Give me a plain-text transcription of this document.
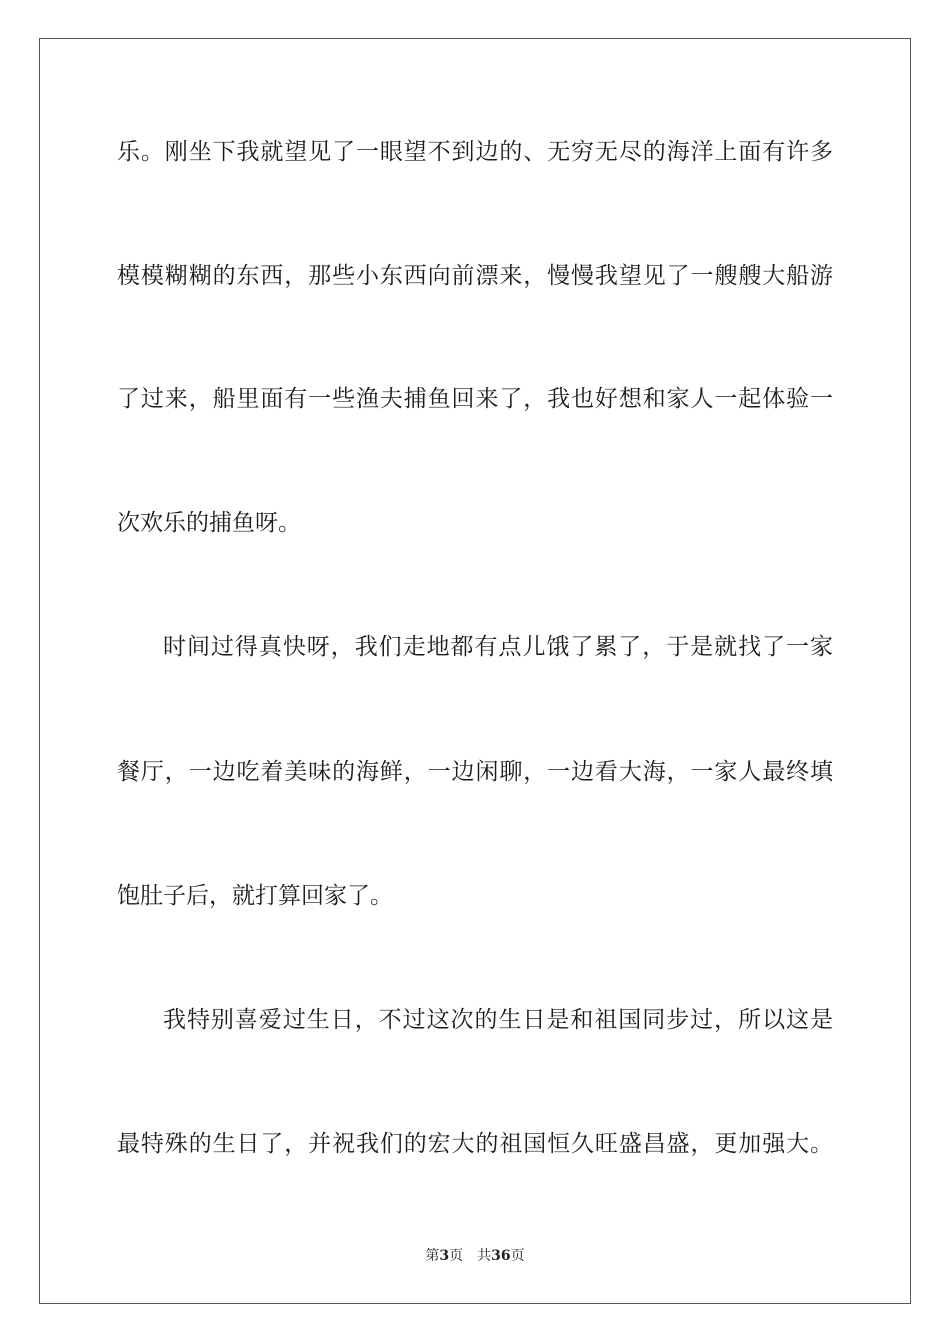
乐。刚坐下我就望见了一眼望不到边的、无穷无尽的海洋上面有许多
模模糊糊的东西，那些小东西向前漂来，慢慢我望见了一艘艘大船游
了过来，船里面有一些渔夫捕鱼回来了，我也好想和家人一起体验一
次欢乐的捕鱼呀。
时间过得真快呀，我们走地都有点儿饿了累了，于是就找了一家
餐厅，一边吃着美味的海鲜，一边闲聊，一边看大海，一家人最终填
饱肚子后，就打算回家了。
我特别喜爱过生日，不过这次的生日是和祖国同步过，所以这是
最特殊的生日了，并祝我们的宏大的祖国恒久旺盛昌盛，更加强大。
第3页 共36页
